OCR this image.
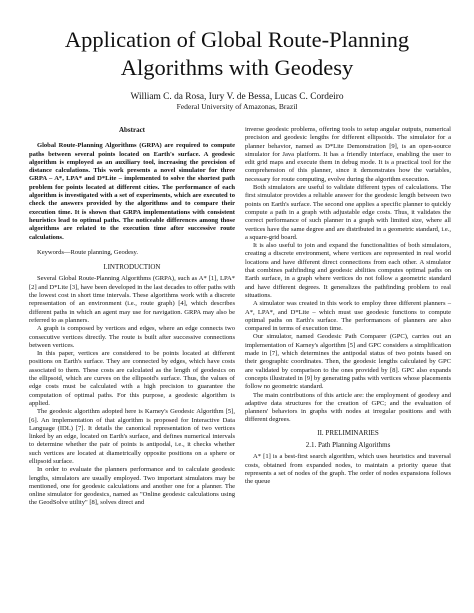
Application of Global Route-Planning Algorithms with Geodesy
William C. da Rosa, Iury V. de Bessa, Lucas C. Cordeiro
Federal University of Amazonas, Brazil
Abstract

Global Route-Planning Algorithms (GRPA) are required to compute paths between several points located on Earth's surface. A geodesic algorithm is employed as an auxiliary tool, increasing the precision of distance calculations. This work presents a novel simulator for three GRPA – A*, LPA* and D*Lite – implemented to solve the shortest path problem for points located at different cities. The performance of each algorithm is investigated with a set of experiments, which are executed to check the answers provided by the algorithms and to compare their execution time. It is shown that GRPA implementations with consistent heuristics lead to optimal paths. The noticeable differences among those algorithms are related to the execution time after successive route calculations.

Keywords—Route planning, Geodesy.

I.INTRODUCTION

Several Global Route-Planning Algorithms (GRPA), such as A* [1], LPA* [2] and D*Lite [3], have been developed in the last decades to offer paths with the lowest cost in short time intervals. These algorithms work with a discrete representation of an environment (i.e., route graph) [4], which describes different paths in which an agent may use for navigation. GRPA may also be referred to as planners.

A graph is composed by vertices and edges, where an edge connects two consecutive vertices directly. The route is built after successive connections between vertices.

In this paper, vertices are considered to be points located at different positions on Earth's surface. They are connected by edges, which have costs associated to them. These costs are calculated as the length of geodesics on the ellipsoid, which are curves on the ellipsoid's surface. Thus, the values of edge costs must be calculated with a high precision to guarantee the computation of optimal paths. For this purpose, a geodesic algorithm is applied.

The geodesic algorithm adopted here is Karney's Geodesic Algorithm [5], [6]. An implementation of that algorithm is proposed for Interactive Data Language (IDL) [7]. It details the canonical representation of two vertices linked by an edge, located on Earth's surface, and defines numerical intervals to determine whether the pair of points is antipodal, i.e., it checks whether such vertices are located at diametrically opposite positions on a sphere or ellipsoid surface.

In order to evaluate the planners performance and to calculate geodesic lengths, simulators are usually employed. Two important simulators may be mentioned, one for geodesic calculations and another one for a planner. The online simulator for geodesics, named as "Online geodesic calculations using the GeodSolve utility" [8], solves direct and

inverse geodesic problems, offering tools to setup angular outputs, numerical precision and geodesic lengths for different ellipsoids. The simulator for a planner behavior, named as D*Lite Demonstration [9], is an open-source simulator for Java platform. It has a friendly interface, enabling the user to edit grid maps and execute them in debug mode. It is a practical tool for the comprehension of this planner, since it demonstrates how the variables, necessary for route computing, evolve during the algorithm execution.

Both simulators are useful to validate different types of calculations. The first simulator provides a reliable answer for the geodesic length between two points on Earth's surface. The second one applies a specific planner to quickly compute a path in a graph with adjustable edge costs. Thus, it validates the correct performance of such planner in a graph with limited size, where all vertices have the same degree and are distributed in a geometric standard, i.e., a square-grid board.

It is also useful to join and expand the functionalities of both simulators, creating a discrete environment, where vertices are represented in real world locations and have different direct connections from each other. A simulator that combines pathfinding and geodesic abilities computes optimal paths on Earth surface, in a graph where vertices do not follow a geometric standard and have different degrees. It generalizes the pathfinding problem to real situations.

A simulator was created in this work to employ three different planners – A*, LPA*, and D*Lite – which must use geodesic functions to compute optimal paths on Earth's surface. The performances of planners are also compared in terms of execution time.

Our simulator, named Geodesic Path Comparer (GPC), carries out an implementation of Karney's algorithm [5] and GPC considers a simplification made in [7], which determines the antipodal status of two points based on their geographic coordinates. Then, the geodesic lengths calculated by GPC are validated by comparison to the ones provided by [8]. GPC also expands concepts illustrated in [9] by generating paths with vertices whose placements follow no geometric standard.

The main contributions of this article are: the employment of geodesy and adaptive data structures for the creation of GPC; and the evaluation of planners' behaviors in graphs with nodes at irregular positions and with different degrees.

II. PRELIMINARIES
2.1. Path Planning Algorithms

A* [1] is a best-first search algorithm, which uses heuristics and traversal costs, obtained from expanded nodes, to maintain a priority queue that represents a set of nodes of the graph. The order of nodes expansions follows the queue
